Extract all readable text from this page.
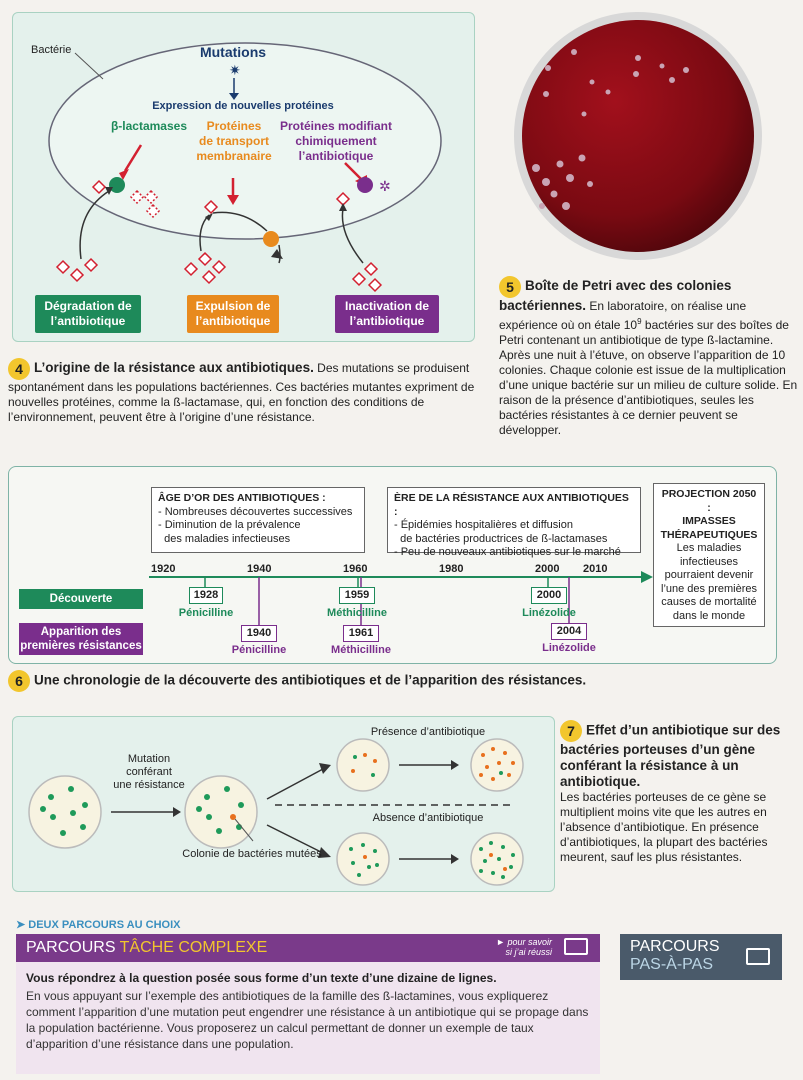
✷
✲
Bactérie	Mutations
Expression de nouvelles protéines
β-lactamases	Protéines
de transport
membranaire
Protéines modifiant
chimiquement
l’antibiotique
Dégradation de
l’antibiotique
Expulsion de
l’antibiotique
Inactivation de
l’antibiotique
4 L’origine de la résistance aux antibiotiques. Des mutations se produisent spontanément dans les populations bactériennes. Ces bactéries mutantes expriment de nouvelles protéines, comme la ß-lactamase, qui, en fonction des conditions de l’environnement, peuvent être à l’origine d’une résistance.
5 Boîte de Petri avec des colonies bactériennes. En laboratoire, on réalise une expérience où on étale $10^9$ bactéries sur des boîtes de Petri contenant un antibiotique de type ß-lactamine. Après une nuit à l’étuve, on observe l’apparition de 10 colonies. Chaque colonie est issue de la multiplication d’une unique bactérie sur un milieu de culture solide. En raison de la présence d’antibiotiques, seules les bactéries résistantes à ce dernier peuvent se développer.
ÂGE D’OR DES ANTIBIOTIQUES :
- Nombreuses découvertes successives
- Diminution de la prévalence
des maladies infectieuses
ÈRE DE LA RÉSISTANCE AUX ANTIBIOTIQUES :
- Épidémies hospitalières et diffusion
de bactéries productrices de ß-lactamases
- Peu de nouveaux antibiotiques sur le marché
PROJECTION 2050 :
IMPASSES
THÉRAPEUTIQUES
Les maladies
infectieuses
pourraient devenir
l’une des premières
causes de mortalité
dans le monde
1920	1940	1960	1980	2000 2010
Découverte
Apparition des
premières résistances
1928
Pénicilline
1959
Méthicilline
2000
Linézolide
1940
Pénicilline
1961
Méthicilline
2004
Linézolide
6 Une chronologie de la découverte des antibiotiques et de l’apparition des résistances.
Mutation
conférant
une résistance
Colonie de bactéries mutées
Présence d’antibiotique
Absence d’antibiotique
7 Effet d’un antibiotique sur des bactéries porteuses d’un gène conférant la résistance à un antibiotique.
Les bactéries porteuses de ce gène se multiplient moins vite que les autres en l’absence d’antibiotique. En présence d’antibiotiques, la plupart des bactéries meurent, sauf les plus résistantes.
➤ DEUX PARCOURS AU CHOIX
PARCOURS TÂCHE COMPLEXE	► pour savoir
si j’ai réussi
Vous répondrez à la question posée sous forme d’un texte d’une dizaine de lignes.
En vous appuyant sur l’exemple des antibiotiques de la famille des ß-lactamines, vous expliquerez comment l’apparition d’une mutation peut engendrer une résistance à un antibiotique qui se propage dans la population bactérienne. Vous proposerez un calcul permettant de donner un exemple de taux d’apparition d’une résistance dans une population.
PARCOURS
PAS-À-PAS
